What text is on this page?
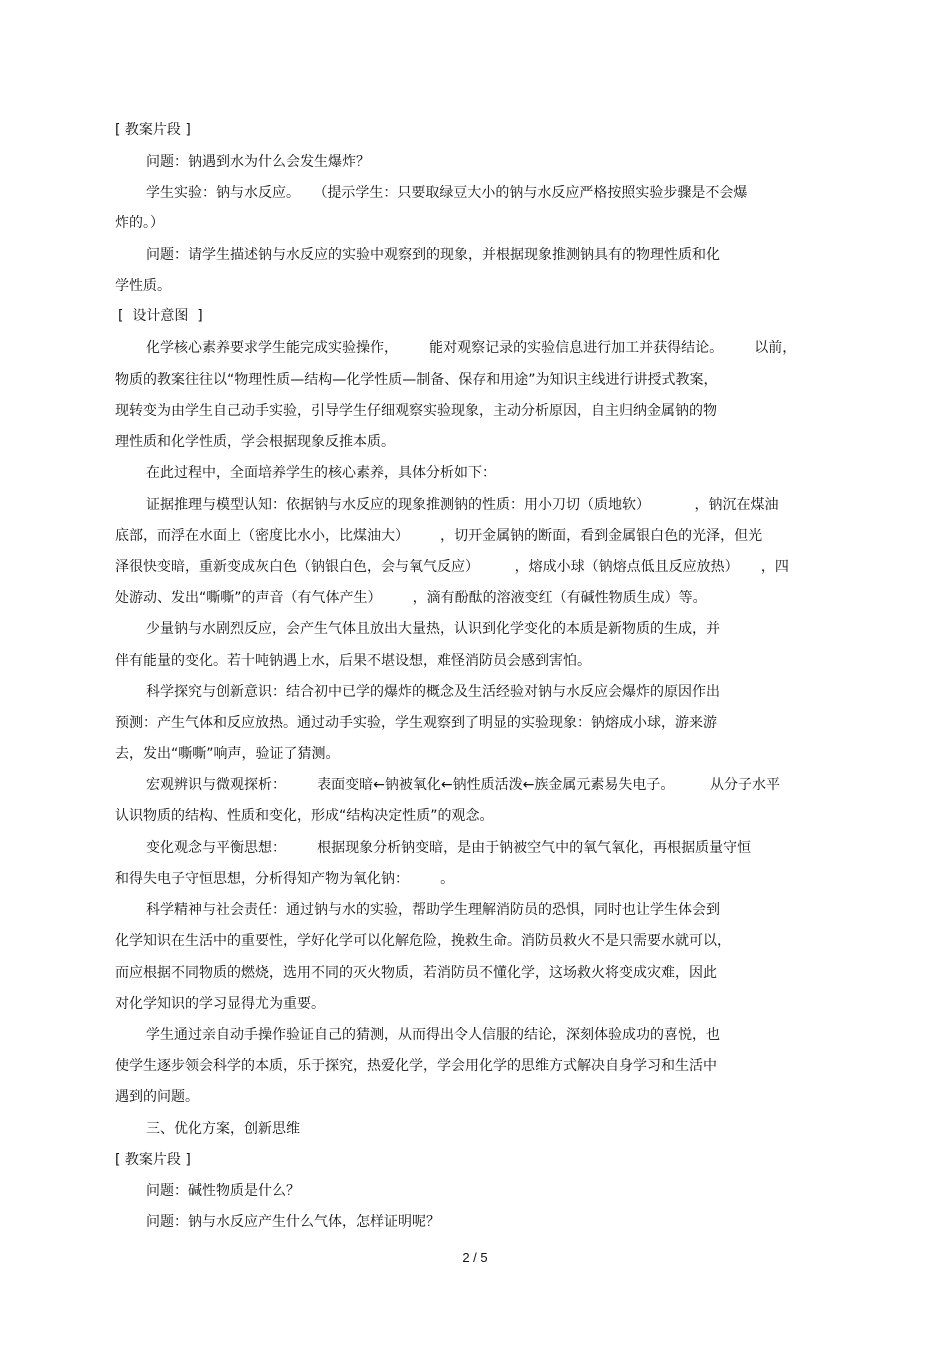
[ 教案片段 ]
问题：钠遇到水为什么会发生爆炸？
学生实验：钠与水反应。   （提示学生：只要取绿豆大小的钠与水反应严格按照实验步骤是不会爆
炸的。）
问题：请学生描述钠与水反应的实验中观察到的现象，并根据现象推测钠具有的物理性质和化
学性质。
[  设计意图  ]
化学核心素养要求学生能完成实验操作，       能对观察记录的实验信息进行加工并获得结论。       以前，
物质的教案往往以“物理性质—结构—化学性质—制备、保存和用途”为知识主线进行讲授式教案，
现转变为由学生自己动手实验，引导学生仔细观察实验现象，主动分析原因，自主归纳金属钠的物
理性质和化学性质，学会根据现象反推本质。
在此过程中，全面培养学生的核心素养，具体分析如下：
证据推理与模型认知：依据钠与水反应的现象推测钠的性质：用小刀切（质地软）          ，钠沉在煤油
底部，而浮在水面上（密度比水小，比煤油大）       ，切开金属钠的断面，看到金属银白色的光泽，但光
泽很快变暗，重新变成灰白色（钠银白色，会与氧气反应）        ，熔成小球（钠熔点低且反应放热）     ，四
处游动、发出“嘶嘶”的声音（有气体产生）       ，滴有酚酞的溶液变红（有碱性物质生成）等。
少量钠与水剧烈反应，会产生气体且放出大量热，认识到化学变化的本质是新物质的生成，并
伴有能量的变化。若十吨钠遇上水，后果不堪设想，难怪消防员会感到害怕。
科学探究与创新意识：结合初中已学的爆炸的概念及生活经验对钠与水反应会爆炸的原因作出
预测：产生气体和反应放热。通过动手实验，学生观察到了明显的实验现象：钠熔成小球，游来游
去，发出“嘶嘶”响声，验证了猜测。
宏观辨识与微观探析：       表面变暗←钠被氧化←钠性质活泼←族金属元素易失电子。        从分子水平
认识物质的结构、性质和变化，形成“结构决定性质”的观念。
变化观念与平衡思想：       根据现象分析钠变暗，是由于钠被空气中的氧气氧化，再根据质量守恒
和得失电子守恒思想，分析得知产物为氧化钠：       。
科学精神与社会责任：通过钠与水的实验，帮助学生理解消防员的恐惧，同时也让学生体会到
化学知识在生活中的重要性，学好化学可以化解危险，挽救生命。消防员救火不是只需要水就可以，
而应根据不同物质的燃烧，选用不同的灭火物质，若消防员不懂化学，这场救火将变成灾难，因此
对化学知识的学习显得尤为重要。
学生通过亲自动手操作验证自己的猜测，从而得出令人信服的结论，深刻体验成功的喜悦，也
使学生逐步领会科学的本质，乐于探究，热爱化学，学会用化学的思维方式解决自身学习和生活中
遇到的问题。
三、优化方案，创新思维
[ 教案片段 ]
问题：碱性物质是什么？
问题：钠与水反应产生什么气体，怎样证明呢？
2 / 5
